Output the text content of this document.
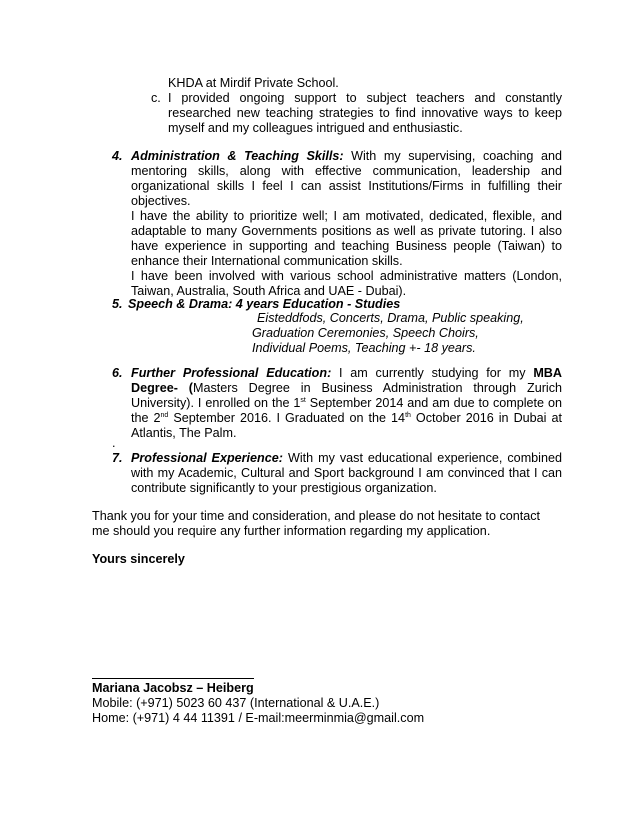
KHDA at Mirdif Private School.
c. I provided ongoing support to subject teachers and constantly
researched new teaching strategies to find innovative ways to keep
myself and my colleagues intrigued and enthusiastic.
4. Administration & Teaching Skills: With my supervising, coaching and
mentoring skills, along with effective communication, leadership and
organizational skills I feel I can assist Institutions/Firms in fulfilling their
objectives.
I have the ability to prioritize well; I am motivated, dedicated, flexible, and
adaptable to many Governments positions as well as private tutoring. I also
have experience in supporting and teaching Business people (Taiwan) to
enhance their International communication skills.
I have been involved with various school administrative matters (London,
Taiwan, Australia, South Africa and UAE - Dubai).
5. Speech & Drama: 4 years Education - Studies
Eisteddfods, Concerts, Drama, Public speaking,
Graduation Ceremonies, Speech Choirs,
Individual Poems, Teaching +- 18 years.
6. Further Professional Education: I am currently studying for my MBA
Degree- (Masters Degree in Business Administration through Zurich
University). I enrolled on the 1st September 2014 and am due to complete on
the 2nd September 2016. I Graduated on the 14th October 2016 in Dubai at
Atlantis, The Palm.
.
7. Professional Experience: With my vast educational experience, combined
with my Academic, Cultural and Sport background I am convinced that I can
contribute significantly to your prestigious organization.
Thank you for your time and consideration, and please do not hesitate to contact
me should you require any further information regarding my application.
Yours sincerely
Mariana Jacobsz – Heiberg
Mobile: (+971) 5023 60 437 (International & U.A.E.)
Home: (+971) 4 44 11391 / E-mail:meerminmia@gmail.com
